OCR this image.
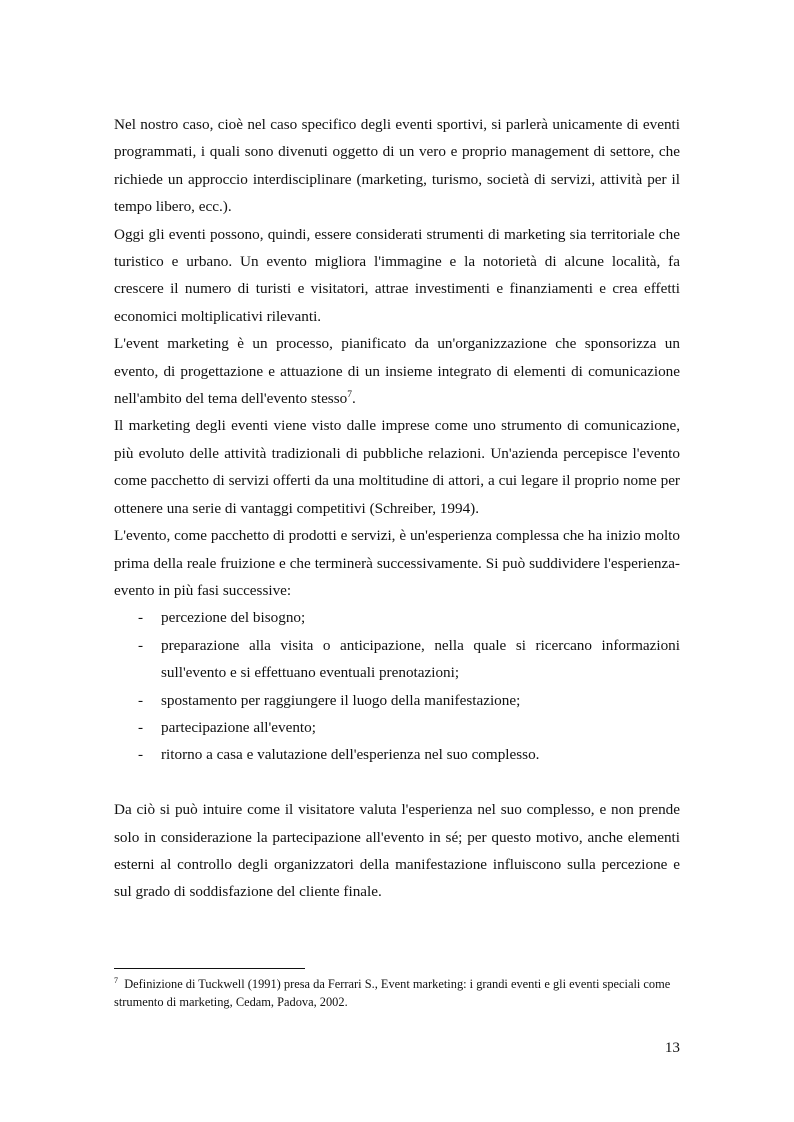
Nel nostro caso, cioè nel caso specifico degli eventi sportivi, si parlerà unicamente di eventi programmati, i quali sono divenuti oggetto di un vero e proprio management di settore, che richiede un approccio interdisciplinare (marketing, turismo, società di servizi, attività per il tempo libero, ecc.).

Oggi gli eventi possono, quindi, essere considerati strumenti di marketing sia territoriale che turistico e urbano. Un evento migliora l'immagine e la notorietà di alcune località, fa crescere il numero di turisti e visitatori, attrae investimenti e finanziamenti e crea effetti economici moltiplicativi rilevanti.

L'event marketing è un processo, pianificato da un'organizzazione che sponsorizza un evento, di progettazione e attuazione di un insieme integrato di elementi di comunicazione nell'ambito del tema dell'evento stesso$^7$.

Il marketing degli eventi viene visto dalle imprese come uno strumento di comunicazione, più evoluto delle attività tradizionali di pubbliche relazioni. Un'azienda percepisce l'evento come pacchetto di servizi offerti da una moltitudine di attori, a cui legare il proprio nome per ottenere una serie di vantaggi competitivi (Schreiber, 1994).

L'evento, come pacchetto di prodotti e servizi, è un'esperienza complessa che ha inizio molto prima della reale fruizione e che terminerà successivamente. Si può suddividere l'esperienza-evento in più fasi successive:

- percezione del bisogno;
- preparazione alla visita o anticipazione, nella quale si ricercano informazioni sull'evento e si effettuano eventuali prenotazioni;
- spostamento per raggiungere il luogo della manifestazione;
- partecipazione all'evento;
- ritorno a casa e valutazione dell'esperienza nel suo complesso.

Da ciò si può intuire come il visitatore valuta l'esperienza nel suo complesso, e non prende solo in considerazione la partecipazione all'evento in sé; per questo motivo, anche elementi esterni al controllo degli organizzatori della manifestazione influiscono sulla percezione e sul grado di soddisfazione del cliente finale.

$^7$ Definizione di Tuckwell (1991) presa da Ferrari S., Event marketing: i grandi eventi e gli eventi speciali come strumento di marketing, Cedam, Padova, 2002.
13
